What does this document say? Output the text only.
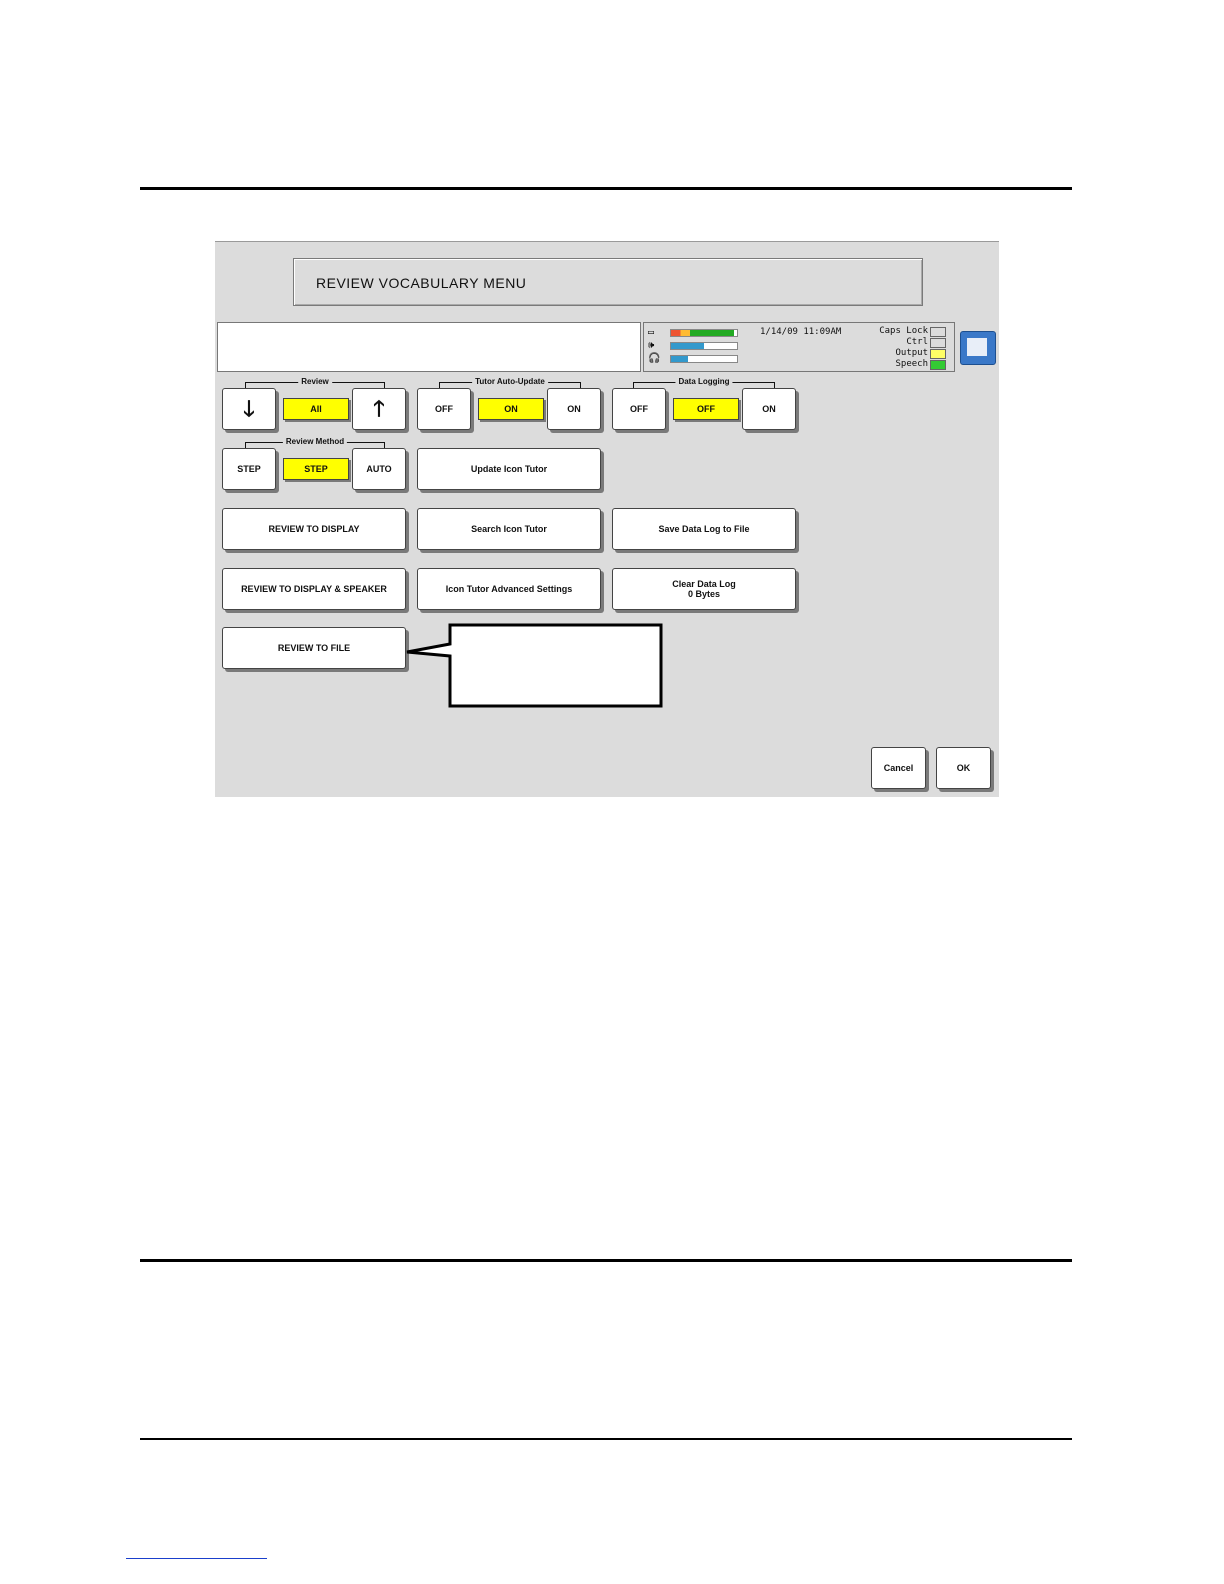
REVIEW VOCABULARY MENU
▭
🕪
🎧
1/14/09 11:09AM	Caps Lock
Ctrl
Output
Speech
Review
🡓	All	🡑
Tutor Auto-Update
OFF	ON	ON
Data Logging
OFF	OFF	ON
Review Method
STEP	STEP	AUTO	Update Icon Tutor
REVIEW TO DISPLAY	Search Icon Tutor	Save Data Log to File
REVIEW TO DISPLAY & SPEAKER	Icon Tutor Advanced Settings	Clear Data Log
0 Bytes
REVIEW TO FILE
Cancel	OK
